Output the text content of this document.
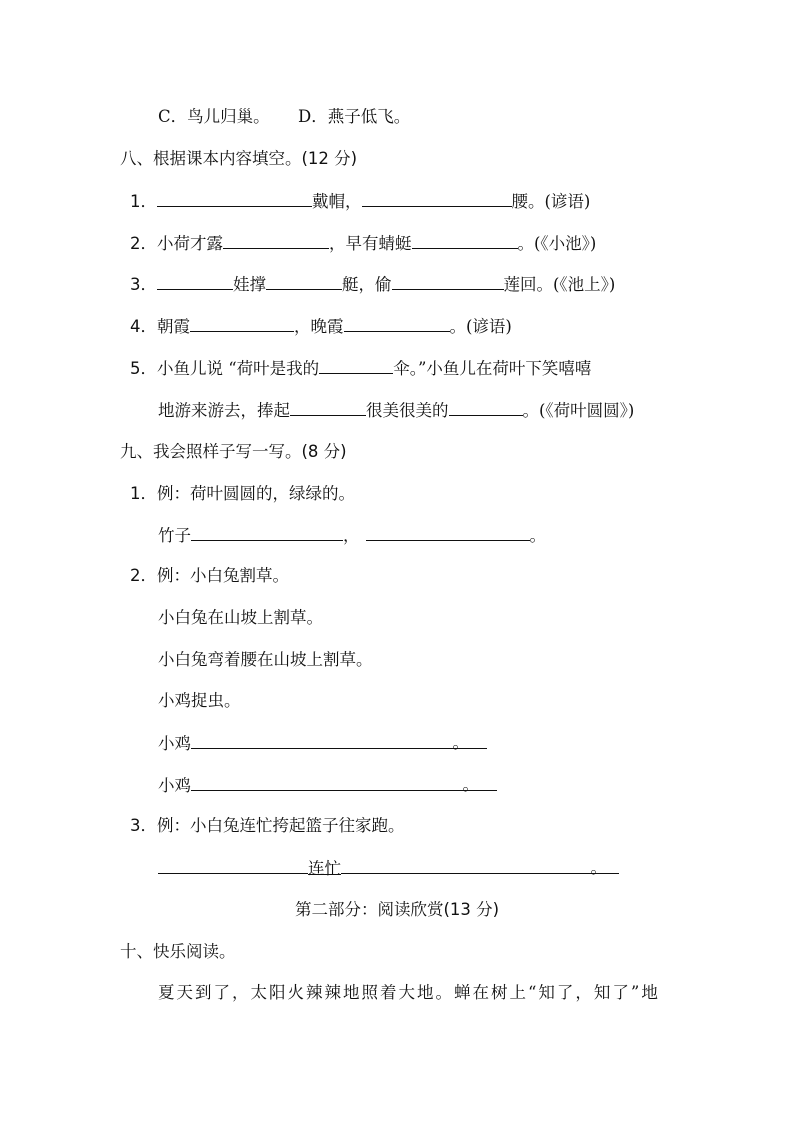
C．鸟儿归巢。 D．燕子低飞。
八、根据课本内容填空。(12 分)
1．	戴帽，	腰。(谚语)
2．小荷才露	，早有蜻蜓	。(《小池》)
3．	娃撑	艇，偷	莲回。(《池上》)
4．朝霞	，晚霞	。(谚语)
5．小鱼儿说 “荷叶是我的	伞。”小鱼儿在荷叶下笑嘻嘻
地游来游去，捧起	很美很美的	。(《荷叶圆圆》)
九、我会照样子写一写。(8 分)
1．例：荷叶圆圆的，绿绿的。
竹子	，	。
2．例：小白兔割草。
小白兔在山坡上割草。
小白兔弯着腰在山坡上割草。
小鸡捉虫。
小鸡	。
小鸡	。
3．例：小白兔连忙挎起篮子往家跑。
连忙	。
第二部分：阅读欣赏(13 分)
十、快乐阅读。
夏天到了，太阳火辣辣地照着大地。蝉在树上“知了，知了”地
